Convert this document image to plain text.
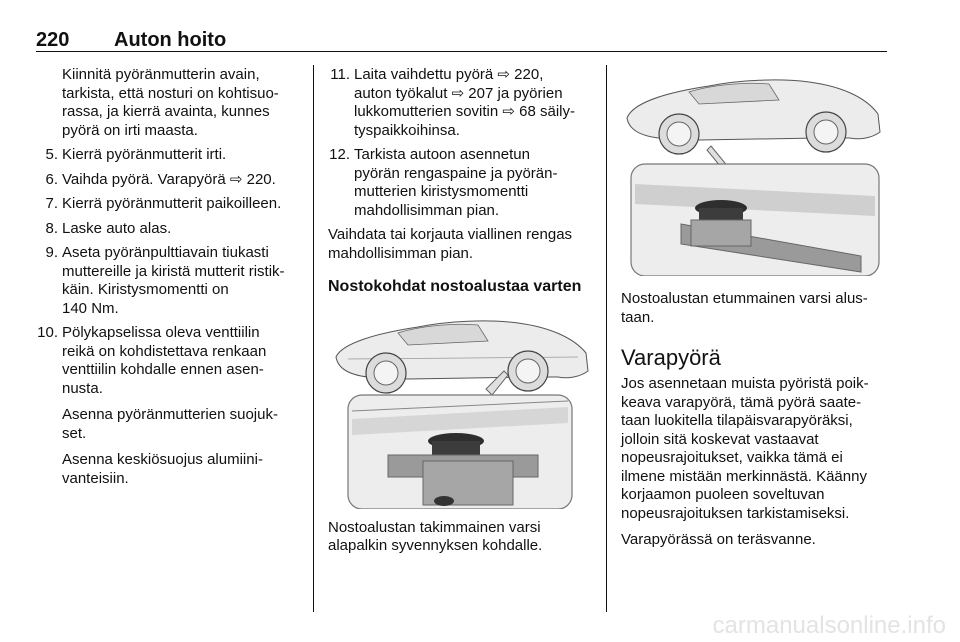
220 Auton hoito

Kiinnitä pyöränmutterin avain,

tarkista, että nosturi on kohtisuo-

rassa, ja kierrä avainta, kunnes

pyörä on irti maasta.

5. Kierrä pyöränmutterit irti.

6. Vaihda pyörä. Varapyörä ⇨ 220.

7. Kierrä pyöränmutterit paikoilleen.

8. Laske auto alas.

9. Aseta pyöränpulttiavain tiukasti

muttereille ja kiristä mutterit ristik-

käin. Kiristysmomentti on

140 Nm.

10. Pölykapselissa oleva venttiilin

reikä on kohdistettava renkaan

venttiilin kohdalle ennen asen-

nusta.

Asenna pyöränmutterien suojuk-

set.

Asenna keskiösuojus alumiini-

vanteisiin.

11. Laita vaihdettu pyörä ⇨ 220,

auton työkalut ⇨ 207 ja pyörien

lukkomutterien sovitin ⇨ 68 säily-

tyspaikkoihinsa.

12. Tarkista autoon asennetun

pyörän rengaspaine ja pyörän-

mutterien kiristysmomentti

mahdollisimman pian.

Vaihdata tai korjauta viallinen rengas

mahdollisimman pian.

Nostokohdat nostoalustaa varten

Nostoalustan takimmainen varsi

alapalkin syvennyksen kohdalle.

Nostoalustan etummainen varsi alus-

taan.

Varapyörä

Jos asennetaan muista pyöristä poik-

keava varapyörä, tämä pyörä saate-

taan luokitella tilapäisvarapyöräksi,

jolloin sitä koskevat vastaavat

nopeusrajoitukset, vaikka tämä ei

ilmene mistään merkinnästä. Käänny

korjaamon puoleen soveltuvan

nopeusrajoituksen tarkistamiseksi.

Varapyörässä on teräsvanne.

carmanualsonline.info
